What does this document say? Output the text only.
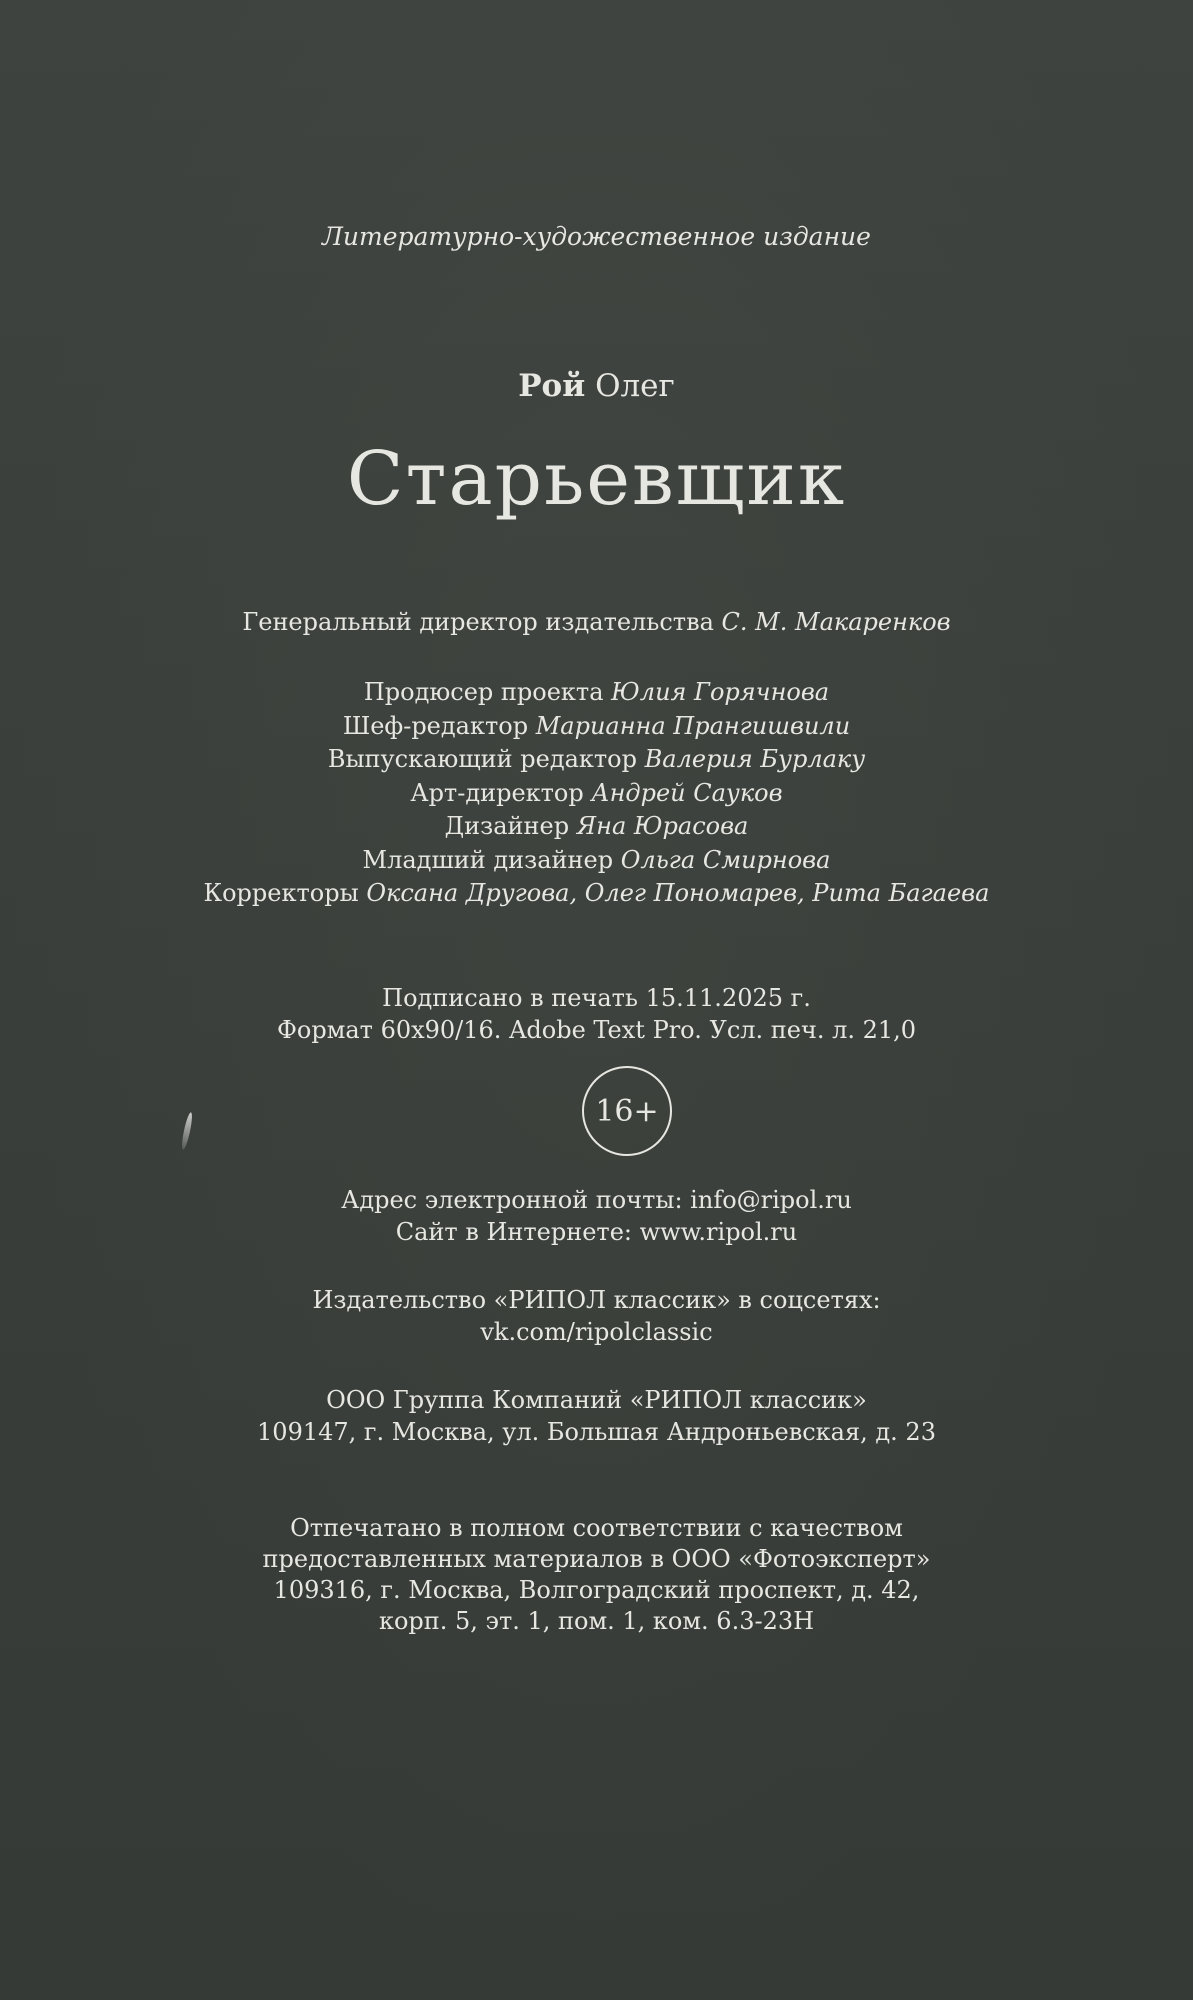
Литературно-художественное издание
Рой Олег
Старьевщик
Генеральный директор издательства С. М. Макаренков
Продюсер проекта Юлия Горячнова
Шеф-редактор Марианна Прангишвили
Выпускающий редактор Валерия Бурлаку
Арт-директор Андрей Сауков
Дизайнер Яна Юрасова
Младший дизайнер Ольга Смирнова
Корректоры Оксана Другова, Олег Пономарев, Рита Багаева
Подписано в печать 15.11.2025 г.
Формат 60х90/16. Adobe Text Pro. Усл. печ. л. 21,0
16+
Адрес электронной почты: info@ripol.ru
Сайт в Интернете: www.ripol.ru
Издательство «РИПОЛ классик» в соцсетях:
vk.com/ripolclassic
ООО Группа Компаний «РИПОЛ классик»
109147, г. Москва, ул. Большая Андроньевская, д. 23
Отпечатано в полном соответствии с качеством
предоставленных материалов в ООО «Фотоэксперт»
109316, г. Москва, Волгоградский проспект, д. 42,
корп. 5, эт. 1, пом. 1, ком. 6.3-23Н
